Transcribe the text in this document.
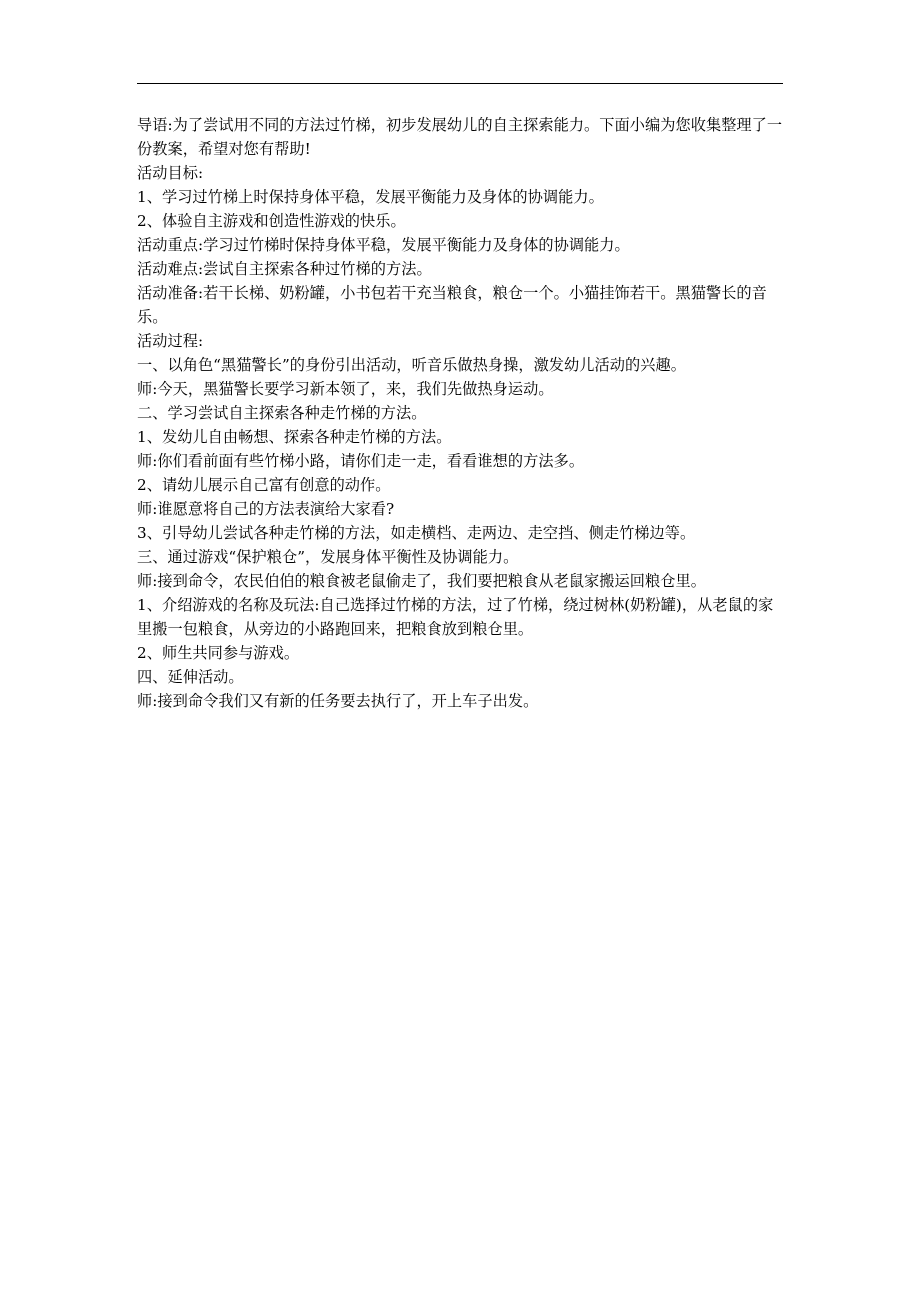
导语:为了尝试用不同的方法过竹梯，初步发展幼儿的自主探索能力。下面小编为您收集整理了一份教案，希望对您有帮助!

活动目标:

1、学习过竹梯上时保持身体平稳，发展平衡能力及身体的协调能力。

2、体验自主游戏和创造性游戏的快乐。

活动重点:学习过竹梯时保持身体平稳，发展平衡能力及身体的协调能力。

活动难点:尝试自主探索各种过竹梯的方法。

活动准备:若干长梯、奶粉罐，小书包若干充当粮食，粮仓一个。小猫挂饰若干。黑猫警长的音乐。

活动过程:

一、以角色“黑猫警长”的身份引出活动，听音乐做热身操，激发幼儿活动的兴趣。

师:今天，黑猫警长要学习新本领了，来，我们先做热身运动。

二、学习尝试自主探索各种走竹梯的方法。

1、发幼儿自由畅想、探索各种走竹梯的方法。

师:你们看前面有些竹梯小路，请你们走一走，看看谁想的方法多。

2、请幼儿展示自己富有创意的动作。

师:谁愿意将自己的方法表演给大家看?

3、引导幼儿尝试各种走竹梯的方法，如走横档、走两边、走空挡、侧走竹梯边等。

三、通过游戏“保护粮仓”，发展身体平衡性及协调能力。

师:接到命令，农民伯伯的粮食被老鼠偷走了，我们要把粮食从老鼠家搬运回粮仓里。

1、介绍游戏的名称及玩法:自己选择过竹梯的方法，过了竹梯，绕过树林(奶粉罐)，从老鼠的家里搬一包粮食，从旁边的小路跑回来，把粮食放到粮仓里。

2、师生共同参与游戏。

四、延伸活动。

师:接到命令我们又有新的任务要去执行了，开上车子出发。
